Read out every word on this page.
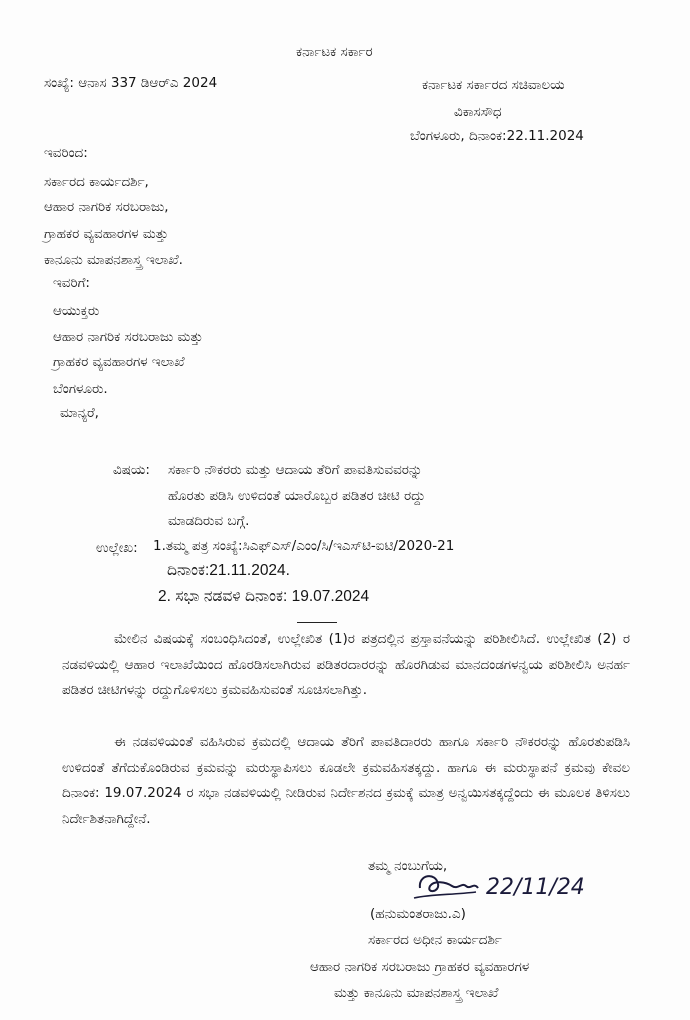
ಕರ್ನಾಟಕ ಸರ್ಕಾರ
ಸಂಖ್ಯೆ: ಆನಾಸ 337 ಡಿಆರ್‌ಎ 2024	ಕರ್ನಾಟಕ ಸರ್ಕಾರದ ಸಚಿವಾಲಯ
ವಿಕಾಸಸೌಧ
ಬೆಂಗಳೂರು, ದಿನಾಂಕ:22.11.2024
ಇವರಿಂದ:
ಸರ್ಕಾರದ ಕಾರ್ಯದರ್ಶಿ,
ಆಹಾರ ನಾಗರಿಕ ಸರಬರಾಜು,
ಗ್ರಾಹಕರ ವ್ಯವಹಾರಗಳ ಮತ್ತು
ಕಾನೂನು ಮಾಪನಶಾಸ್ತ್ರ ಇಲಾಖೆ.
ಇವರಿಗೆ:
ಆಯುಕ್ತರು
ಆಹಾರ ನಾಗರಿಕ ಸರಬರಾಜು ಮತ್ತು
ಗ್ರಾಹಕರ ವ್ಯವಹಾರಗಳ ಇಲಾಖೆ
ಬೆಂಗಳೂರು.
ಮಾನ್ಯರೆ,
ವಿಷಯ: ಸರ್ಕಾರಿ ನೌಕರರು ಮತ್ತು ಆದಾಯ ತೆರಿಗೆ ಪಾವತಿಸುವವರನ್ನು
ಹೊರತು ಪಡಿಸಿ ಉಳಿದಂತೆ ಯಾರೊಬ್ಬರ ಪಡಿತರ ಚೀಟಿ ರದ್ದು
ಮಾಡದಿರುವ ಬಗ್ಗೆ.
ಉಲ್ಲೇಖ: 1.ತಮ್ಮ ಪತ್ರ ಸಂಖ್ಯೆ:ಸಿಎಫ್‌ಎಸ್/ಎಂಂ/ಸಿ/ಇಎಸ್‌ಟಿ-ಐಟಿ/2020-21
ದಿನಾಂಕ:21.11.2024.
2. ಸಭಾ ನಡವಳಿ ದಿನಾಂಕ: 19.07.2024
ಮೇಲಿನ ವಿಷಯಕ್ಕೆ ಸಂಬಂಧಿಸಿದಂತೆ, ಉಲ್ಲೇಖಿತ (1)ರ ಪತ್ರದಲ್ಲಿನ ಪ್ರಸ್ತಾವನೆಯನ್ನು ಪರಿಶೀಲಿಸಿದೆ. ಉಲ್ಲೇಖಿತ (2) ರ ನಡವಳಿಯಲ್ಲಿ ಆಹಾರ ಇಲಾಖೆಯಿಂದ ಹೊರಡಿಸಲಾಗಿರುವ ಪಡಿತರದಾರರನ್ನು ಹೊರಗಿಡುವ ಮಾನದಂಡಗಳನ್ವಯ ಪರಿಶೀಲಿಸಿ ಅನರ್ಹ ಪಡಿತರ ಚೀಟಿಗಳನ್ನು ರದ್ದುಗೊಳಿಸಲು ಕ್ರಮವಹಿಸುವಂತೆ ಸೂಚಿಸಲಾಗಿತ್ತು.
ಈ ನಡವಳಿಯಂತೆ ವಹಿಸಿರುವ ಕ್ರಮದಲ್ಲಿ ಆದಾಯ ತೆರಿಗೆ ಪಾವತಿದಾರರು ಹಾಗೂ ಸರ್ಕಾರಿ ನೌಕರರನ್ನು ಹೊರತುಪಡಿಸಿ ಉಳಿದಂತೆ ತೆಗೆದುಕೊಂಡಿರುವ ಕ್ರಮವನ್ನು ಮರುಸ್ಥಾಪಿಸಲು ಕೂಡಲೇ ಕ್ರಮವಹಿಸತಕ್ಕದ್ದು. ಹಾಗೂ ಈ ಮರುಸ್ಥಾಪನೆ ಕ್ರಮವು ಕೇವಲ ದಿನಾಂಕ: 19.07.2024 ರ ಸಭಾ ನಡವಳಿಯಲ್ಲಿ ನೀಡಿರುವ ನಿರ್ದೇಶನದ ಕ್ರಮಕ್ಕೆ ಮಾತ್ರ ಅನ್ವಯಿಸತಕ್ಕದ್ದೆಂದು ಈ ಮೂಲಕ ತಿಳಿಸಲು ನಿರ್ದೇಶಿತನಾಗಿದ್ದೇನೆ.
ತಮ್ಮ ನಂಬುಗೆಯ,
22/11/24
(ಹನುಮಂತರಾಜು.ಎ)
ಸರ್ಕಾರದ ಅಧೀನ ಕಾರ್ಯದರ್ಶಿ
ಆಹಾರ ನಾಗರಿಕ ಸರಬರಾಜು ಗ್ರಾಹಕರ ವ್ಯವಹಾರಗಳ
ಮತ್ತು ಕಾನೂನು ಮಾಪನಶಾಸ್ತ್ರ ಇಲಾಖೆ
